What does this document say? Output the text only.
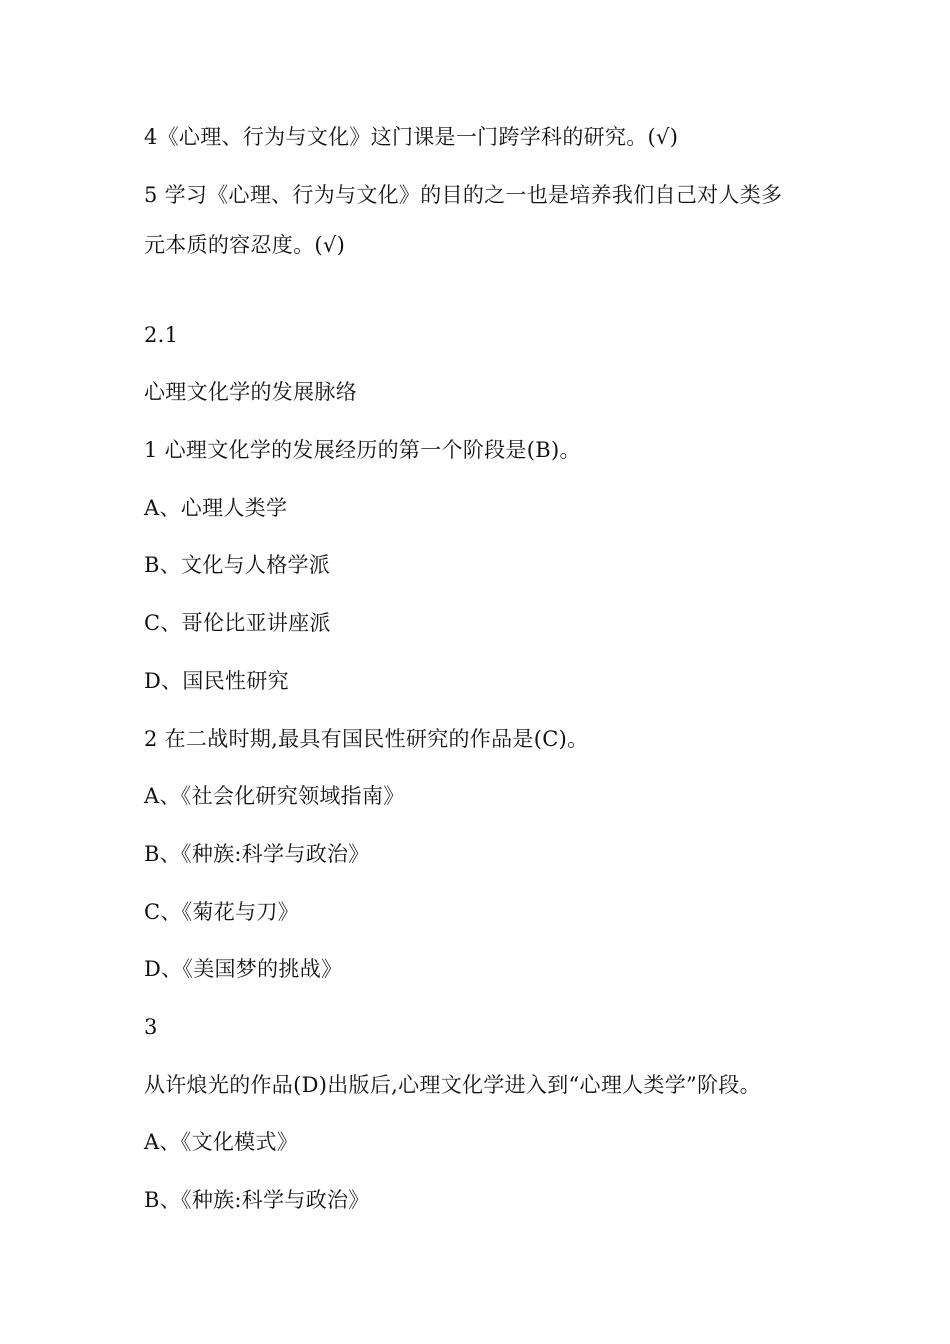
4《心理、行为与文化》这门课是一门跨学科的研究。(√)
5 学习《心理、行为与文化》的目的之一也是培养我们自己对人类多
元本质的容忍度。(√)
2.1
心理文化学的发展脉络
1 心理文化学的发展经历的第一个阶段是(B)。
A、心理人类学
B、文化与人格学派
C、哥伦比亚讲座派
D、国民性研究
2 在二战时期,最具有国民性研究的作品是(C)。
A、《社会化研究领域指南》
B、《种族:科学与政治》
C、《菊花与刀》
D、《美国梦的挑战》
3
从许烺光的作品(D)出版后,心理文化学进入到“心理人类学”阶段。
A、《文化模式》
B、《种族:科学与政治》
